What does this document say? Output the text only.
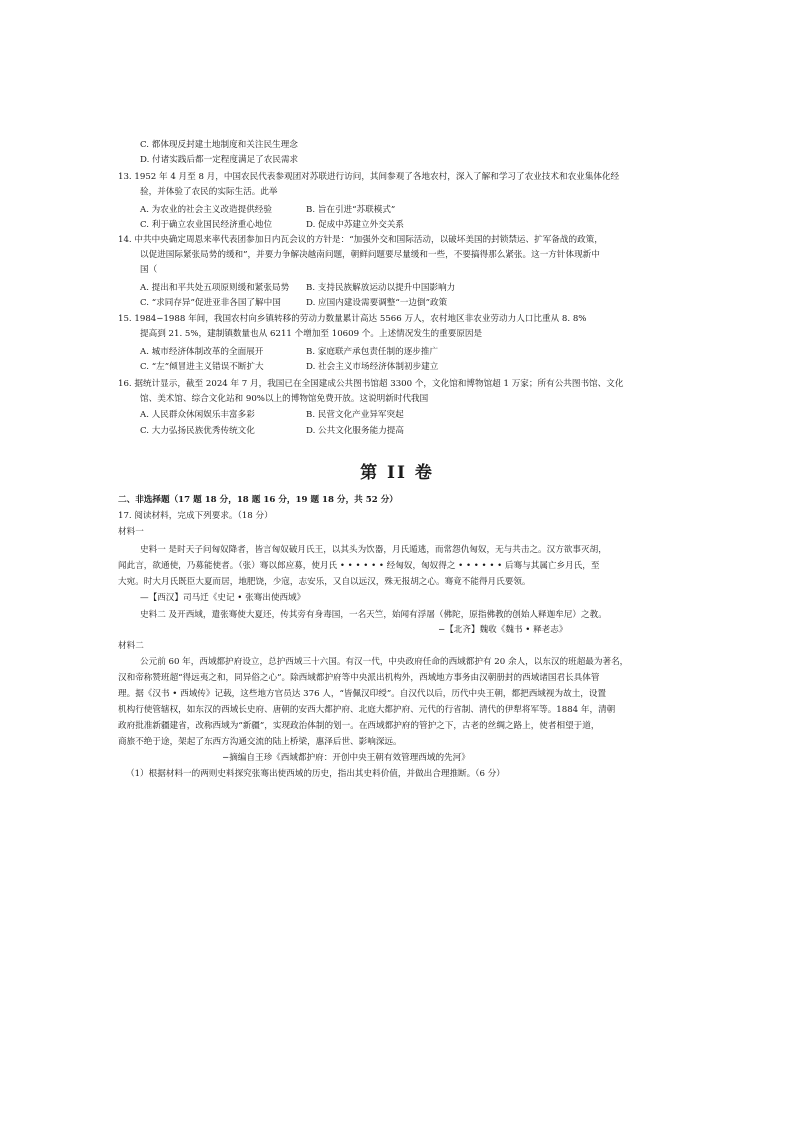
C. 都体现反封建土地制度和关注民生理念
D. 付诸实践后都一定程度满足了农民需求
13. 1952 年 4 月至 8 月，中国农民代表参观团对苏联进行访问，其间参观了各地农村，深入了解和学习了农业技术和农业集体化经
验，并体验了农民的实际生活。此举
A. 为农业的社会主义改造提供经验	B. 旨在引进“苏联模式”
C. 利于确立农业国民经济重心地位	D. 促成中苏建立外交关系
14. 中共中央确定周恩来率代表团参加日内瓦会议的方针是：“加强外交和国际活动，以破坏美国的封锁禁运、扩军备战的政策，
以促进国际紧张局势的缓和”，并要力争解决越南问题，朝鲜问题要尽量缓和一些，不要搞得那么紧张。这一方针体现新中
国（
A. 提出和平共处五项原则缓和紧张局势 B. 支持民族解放运动以提升中国影响力
C. “求同存异”促进亚非各国了解中国	D. 应国内建设需要调整“一边倒”政策
15. 1984−1988 年间，我国农村向乡镇转移的劳动力数量累计高达 5566 万人，农村地区非农业劳动力人口比重从 8. 8%
提高到 21. 5%，建制镇数量也从 6211 个增加至 10609 个。上述情况发生的重要原因是
A. 城市经济体制改革的全面展开	B. 家庭联产承包责任制的逐步推广
C. “左”倾冒进主义错误不断扩大	D. 社会主义市场经济体制初步建立
16. 据统计显示，截至 2024 年 7 月，我国已在全国建成公共图书馆超 3300 个，文化馆和博物馆超 1 万家；所有公共图书馆、文化
馆、美术馆、综合文化站和 90%以上的博物馆免费开放。这说明新时代我国
A. 人民群众休闲娱乐丰富多彩	B. 民营文化产业异军突起
C. 大力弘扬民族优秀传统文化	D. 公共文化服务能力提高
第 II 卷
二、非选择题（17 题 18 分，18 题 16 分，19 题 18 分，共 52 分）
17. 阅读材料，完成下列要求。（18 分）
材料一
史料一 是时天子问匈奴降者，皆言匈奴破月氏王，以其头为饮器，月氏遁逃，而常怨仇匈奴，无与共击之。汉方欲事灭胡，
闻此言，欲通使，乃募能使者。（张）骞以郎应募，使月氏 • • • • • • 经匈奴，匈奴得之 • • • • • • 后骞与其属亡乡月氏，至
大宛。时大月氏既臣大夏而居，地肥饶，少寇，志安乐，又自以远汉，殊无报胡之心。骞竟不能得月氏要领。
—【西汉】司马迁《史记 • 张骞出使西域》
史料二 及开西域，遣张骞使大夏还，传其旁有身毒国，一名天竺，始闻有浮屠（佛陀，原指佛教的创始人释迦牟尼）之教。
−【北齐】魏收《魏书 • 释老志》
材料二
公元前 60 年，西域都护府设立，总护西域三十六国。有汉一代，中央政府任命的西域都护有 20 余人，以东汉的班超最为著名，
汉和帝称赞班超“得远夷之和，同异俗之心”。除西域都护府等中央派出机构外，西域地方事务由汉朝册封的西域诸国君长具体管
理。据《汉书 • 西域传》记载，这些地方官员达 376 人，“皆佩汉印绶”。自汉代以后，历代中央王朝，都把西域视为故土，设置
机构行使管辖权，如东汉的西域长史府、唐朝的安西大都护府、北庭大都护府、元代的行省制、清代的伊犁将军等。1884 年，清朝
政府批准新疆建省，改称西域为“新疆”，实现政治体制的划一。在西域都护府的管护之下，古老的丝绸之路上，使者相望于道，
商旅不绝于途，架起了东西方沟通交流的陆上桥梁，惠泽后世、影响深远。
−摘编自王珍《西域都护府：开创中央王朝有效管理西域的先河》
（1）根据材料一的两则史料探究张骞出使西域的历史，指出其史料价值，并做出合理推断。（6 分）
